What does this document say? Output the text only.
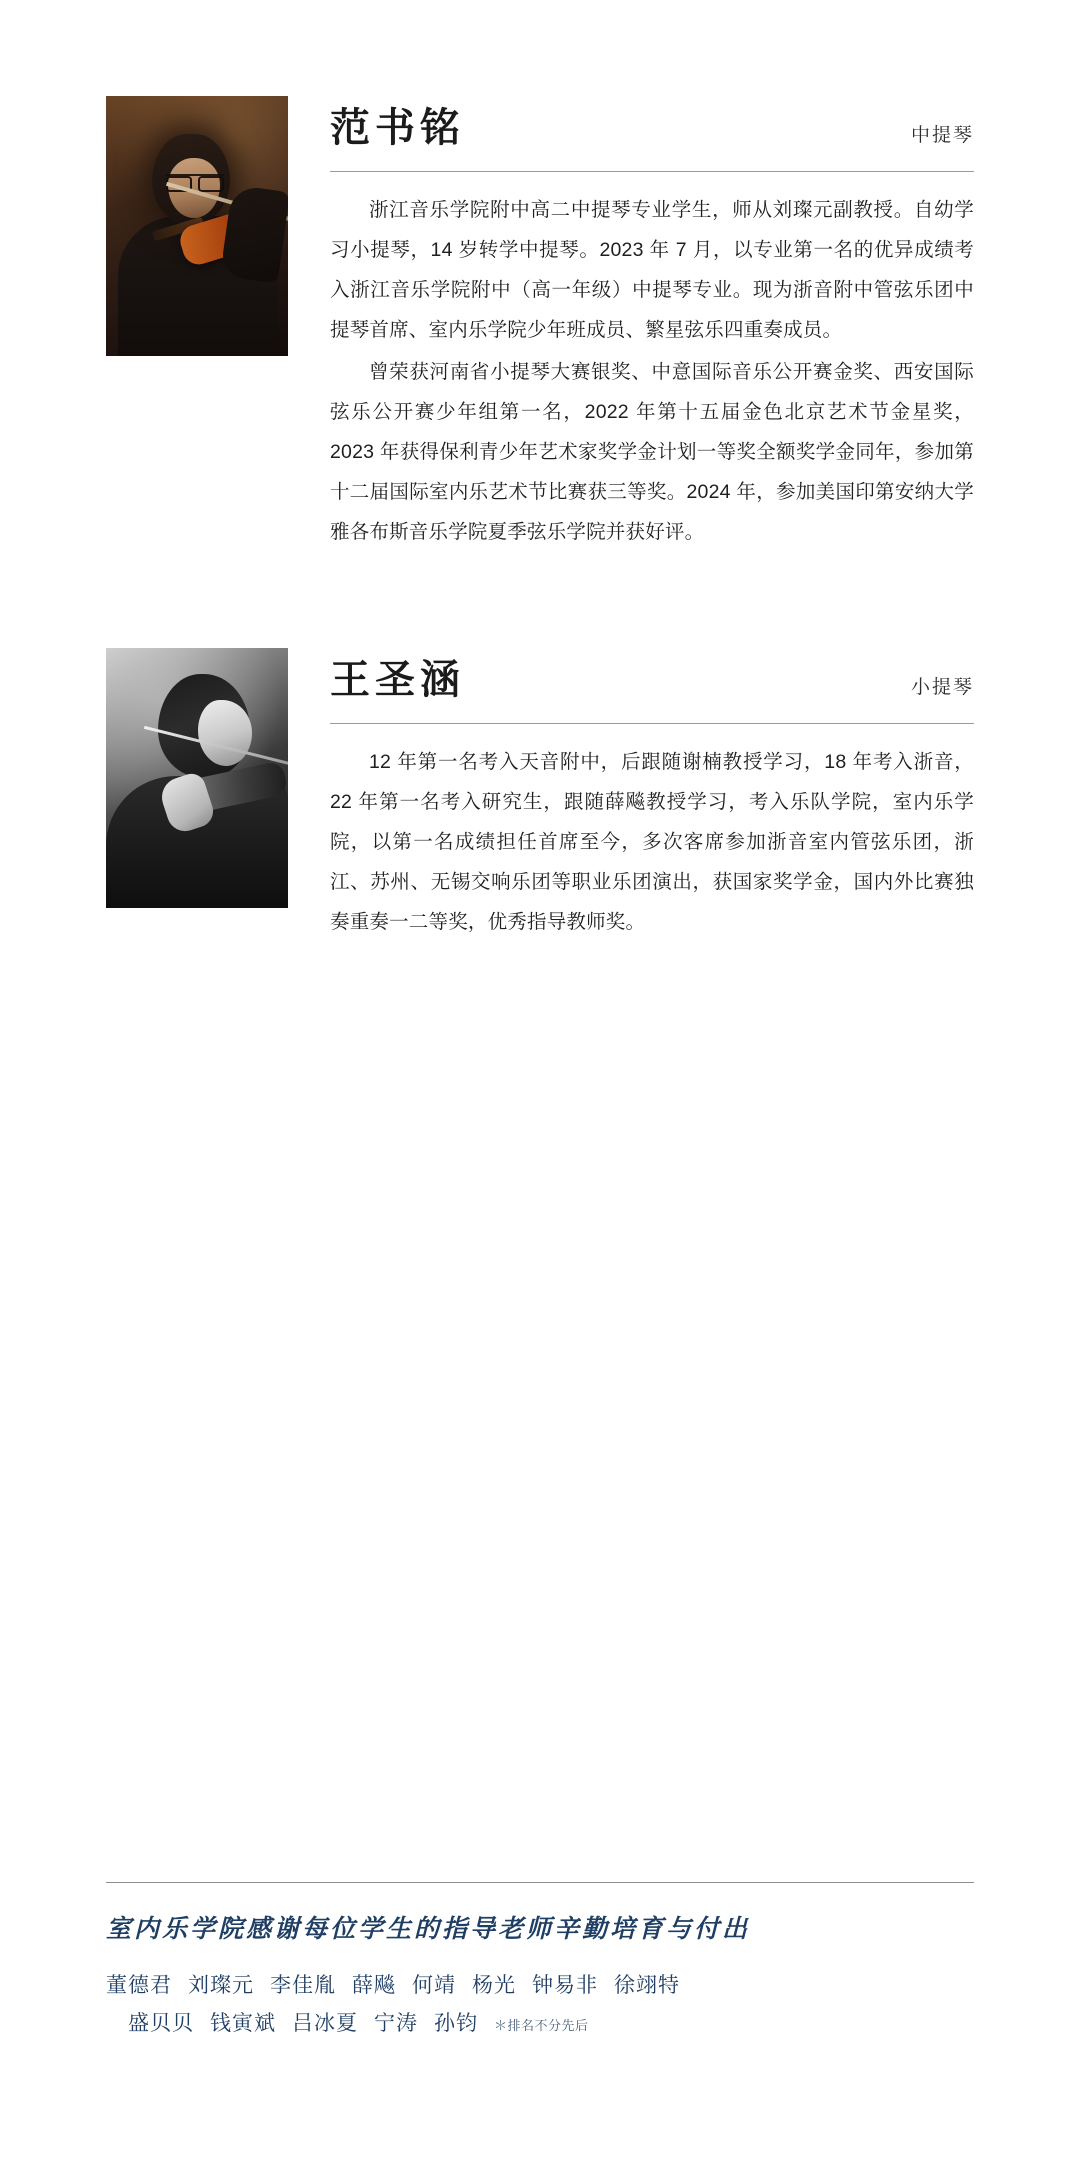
范书铭	中提琴

浙江音乐学院附中高二中提琴专业学生，师从刘璨元副教授。自幼学习小提琴，14 岁转学中提琴。2023 年 7 月，以专业第一名的优异成绩考入浙江音乐学院附中（高一年级）中提琴专业。现为浙音附中管弦乐团中提琴首席、室内乐学院少年班成员、繁星弦乐四重奏成员。

曾荣获河南省小提琴大赛银奖、中意国际音乐公开赛金奖、西安国际弦乐公开赛少年组第一名，2022 年第十五届金色北京艺术节金星奖，2023 年获得保利青少年艺术家奖学金计划一等奖全额奖学金同年，参加第十二届国际室内乐艺术节比赛获三等奖。2024 年，参加美国印第安纳大学雅各布斯音乐学院夏季弦乐学院并获好评。

王圣涵	小提琴

12 年第一名考入天音附中，后跟随谢楠教授学习，18 年考入浙音，22 年第一名考入研究生，跟随薛飚教授学习，考入乐队学院，室内乐学院，以第一名成绩担任首席至今，多次客席参加浙音室内管弦乐团，浙江、苏州、无锡交响乐团等职业乐团演出，获国家奖学金，国内外比赛独奏重奏一二等奖，优秀指导教师奖。

室内乐学院感谢每位学生的指导老师辛勤培育与付出
董德君 刘璨元 李佳胤 薛飚 何靖 杨光 钟易非 徐翊特
盛贝贝 钱寅斌 吕冰夏 宁涛 孙钧 ＊排名不分先后
